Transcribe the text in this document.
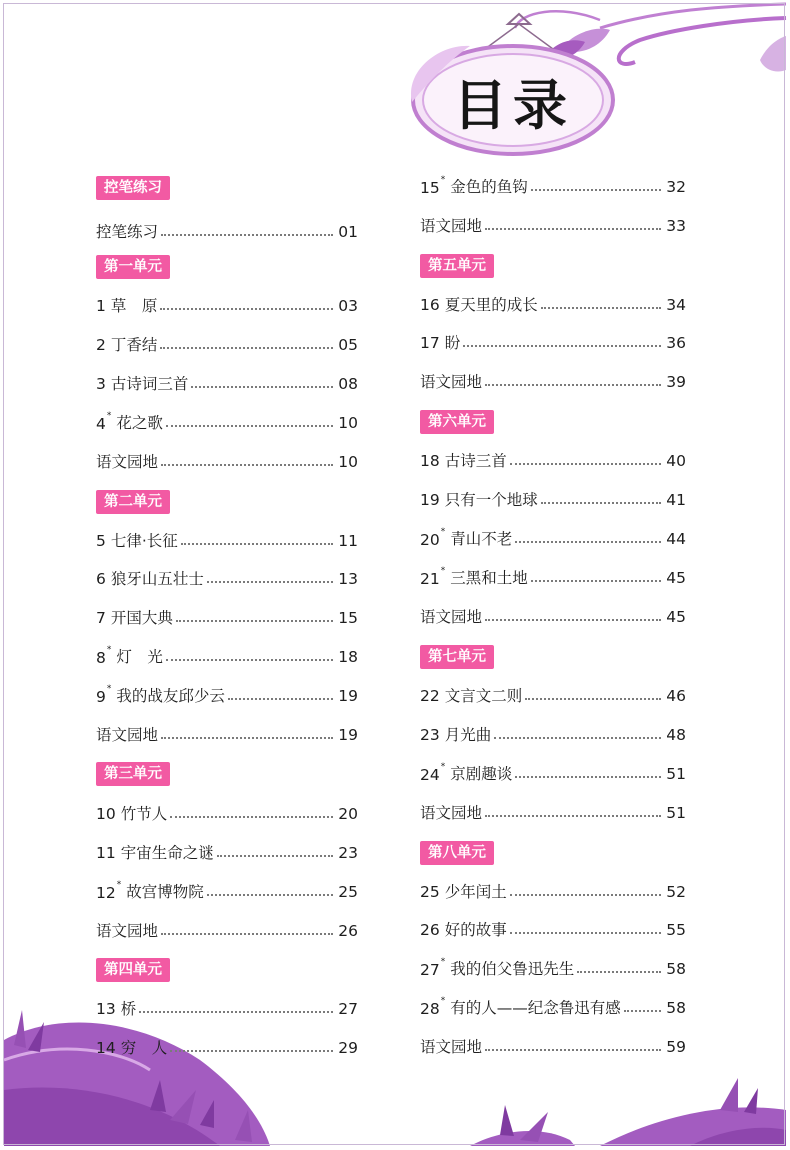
目录
控笔练习
控笔练习	01
第一单元
1 草　原	03
2 丁香结	05
3 古诗词三首	08
4* 花之歌	10
语文园地	10
第二单元
5 七律·长征	11
6 狼牙山五壮士	13
7 开国大典	15
8* 灯　光	18
9* 我的战友邱少云	19
语文园地	19
第三单元
10 竹节人	20
11 宇宙生命之谜	23
12* 故宫博物院	25
语文园地	26
第四单元
13 桥	27
14 穷　人	29
15* 金色的鱼钩	32
语文园地	33
第五单元
16 夏天里的成长	34
17 盼	36
语文园地	39
第六单元
18 古诗三首	40
19 只有一个地球	41
20* 青山不老	44
21* 三黑和土地	45
语文园地	45
第七单元
22 文言文二则	46
23 月光曲	48
24* 京剧趣谈	51
语文园地	51
第八单元
25 少年闰土	52
26 好的故事	55
27* 我的伯父鲁迅先生	58
28* 有的人——纪念鲁迅有感	58
语文园地	59
